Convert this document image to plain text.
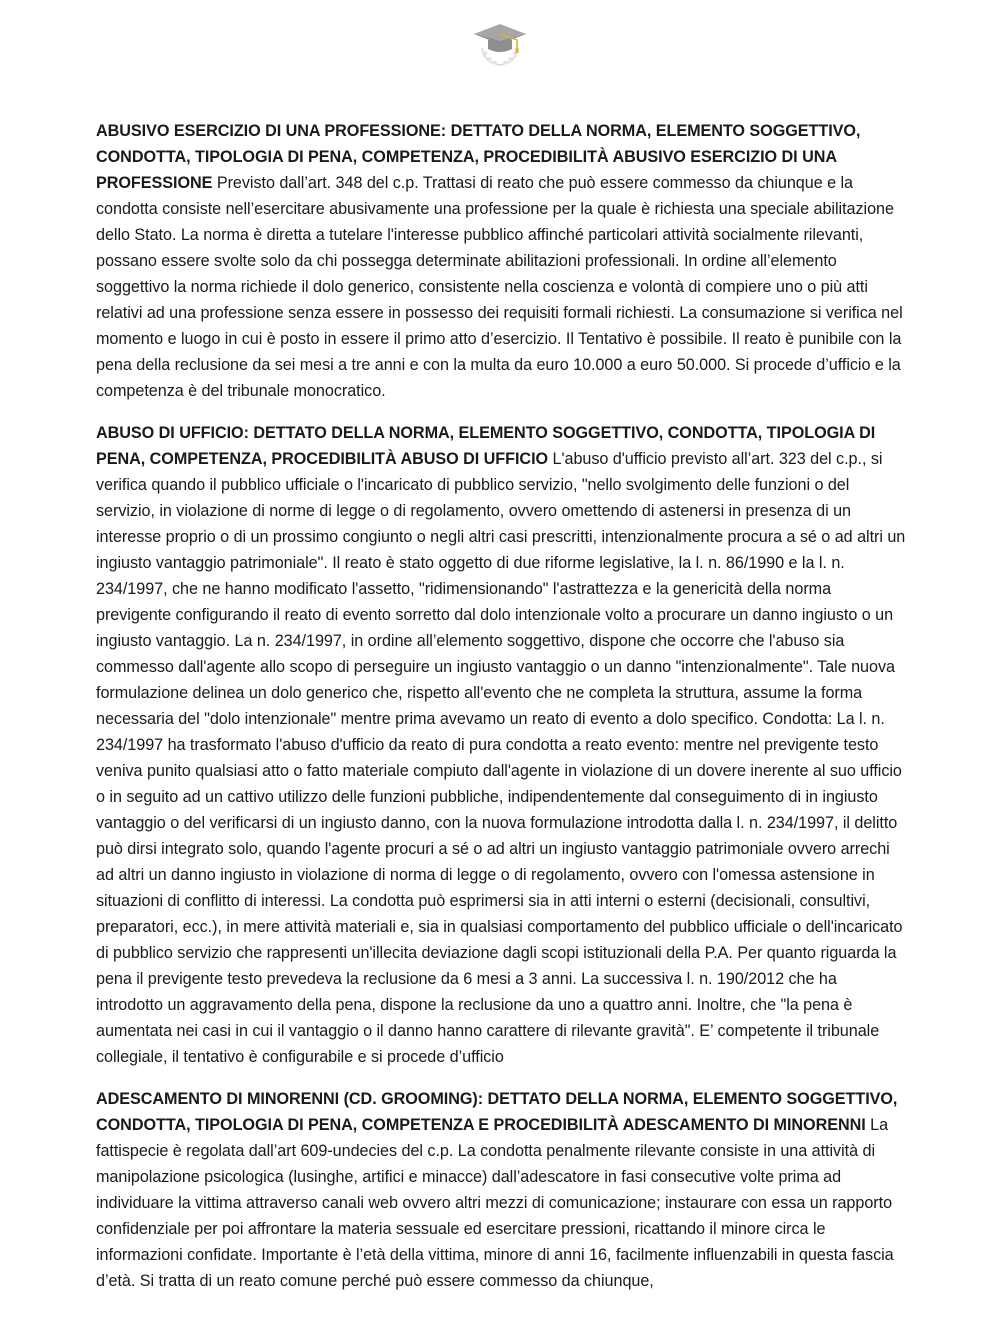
ABUSIVO ESERCIZIO DI UNA PROFESSIONE: DETTATO DELLA NORMA, ELEMENTO SOGGETTIVO, CONDOTTA, TIPOLOGIA DI PENA, COMPETENZA, PROCEDIBILITÀ ABUSIVO ESERCIZIO DI UNA PROFESSIONE Previsto dall’art. 348 del c.p. Trattasi di reato che può essere commesso da chiunque e la condotta consiste nell’esercitare abusivamente una professione per la quale è richiesta una speciale abilitazione dello Stato. La norma è diretta a tutelare l'interesse pubblico affinché particolari attività socialmente rilevanti, possano essere svolte solo da chi possegga determinate abilitazioni professionali. In ordine all’elemento soggettivo la norma richiede il dolo generico, consistente nella coscienza e volontà di compiere uno o più atti relativi ad una professione senza essere in possesso dei requisiti formali richiesti. La consumazione si verifica nel momento e luogo in cui è posto in essere il primo atto d’esercizio. Il Tentativo è possibile. Il reato è punibile con la pena della reclusione da sei mesi a tre anni e con la multa da euro 10.000 a euro 50.000. Si procede d’ufficio e la competenza è del tribunale monocratico.

ABUSO DI UFFICIO: DETTATO DELLA NORMA, ELEMENTO SOGGETTIVO, CONDOTTA, TIPOLOGIA DI PENA, COMPETENZA, PROCEDIBILITÀ ABUSO DI UFFICIO L'abuso d'ufficio previsto all’art. 323 del c.p., si verifica quando il pubblico ufficiale o l'incaricato di pubblico servizio, "nello svolgimento delle funzioni o del servizio, in violazione di norme di legge o di regolamento, ovvero omettendo di astenersi in presenza di un interesse proprio o di un prossimo congiunto o negli altri casi prescritti, intenzionalmente procura a sé o ad altri un ingiusto vantaggio patrimoniale". Il reato è stato oggetto di due riforme legislative, la l. n. 86/1990 e la l. n. 234/1997, che ne hanno modificato l'assetto, "ridimensionando" l'astrattezza e la genericità della norma previgente configurando il reato di evento sorretto dal dolo intenzionale volto a procurare un danno ingiusto o un ingiusto vantaggio. La n. 234/1997, in ordine all’elemento soggettivo, dispone che occorre che l'abuso sia commesso dall'agente allo scopo di perseguire un ingiusto vantaggio o un danno "intenzionalmente". Tale nuova formulazione delinea un dolo generico che, rispetto all'evento che ne completa la struttura, assume la forma necessaria del "dolo intenzionale" mentre prima avevamo un reato di evento a dolo specifico. Condotta: La l. n. 234/1997 ha trasformato l'abuso d'ufficio da reato di pura condotta a reato evento: mentre nel previgente testo veniva punito qualsiasi atto o fatto materiale compiuto dall'agente in violazione di un dovere inerente al suo ufficio o in seguito ad un cattivo utilizzo delle funzioni pubbliche, indipendentemente dal conseguimento di in ingiusto vantaggio o del verificarsi di un ingiusto danno, con la nuova formulazione introdotta dalla l. n. 234/1997, il delitto può dirsi integrato solo, quando l'agente procuri a sé o ad altri un ingiusto vantaggio patrimoniale ovvero arrechi ad altri un danno ingiusto in violazione di norma di legge o di regolamento, ovvero con l'omessa astensione in situazioni di conflitto di interessi. La condotta può esprimersi sia in atti interni o esterni (decisionali, consultivi, preparatori, ecc.), in mere attività materiali e, sia in qualsiasi comportamento del pubblico ufficiale o dell'incaricato di pubblico servizio che rappresenti un'illecita deviazione dagli scopi istituzionali della P.A. Per quanto riguarda la pena il previgente testo prevedeva la reclusione da 6 mesi a 3 anni. La successiva l. n. 190/2012 che ha introdotto un aggravamento della pena, dispone la reclusione da uno a quattro anni. Inoltre, che "la pena è aumentata nei casi in cui il vantaggio o il danno hanno carattere di rilevante gravità". E’ competente il tribunale collegiale, il tentativo è configurabile e si procede d’ufficio

ADESCAMENTO DI MINORENNI (CD. GROOMING): DETTATO DELLA NORMA, ELEMENTO SOGGETTIVO, CONDOTTA, TIPOLOGIA DI PENA, COMPETENZA E PROCEDIBILITÀ ADESCAMENTO DI MINORENNI La fattispecie è regolata dall’art 609-undecies del c.p. La condotta penalmente rilevante consiste in una attività di manipolazione psicologica (lusinghe, artifici e minacce) dall’adescatore in fasi consecutive volte prima ad individuare la vittima attraverso canali web ovvero altri mezzi di comunicazione; instaurare con essa un rapporto confidenziale per poi affrontare la materia sessuale ed esercitare pressioni, ricattando il minore circa le informazioni confidate. Importante è l’età della vittima, minore di anni 16, facilmente influenzabili in questa fascia d’età. Si tratta di un reato comune perché può essere commesso da chiunque,
